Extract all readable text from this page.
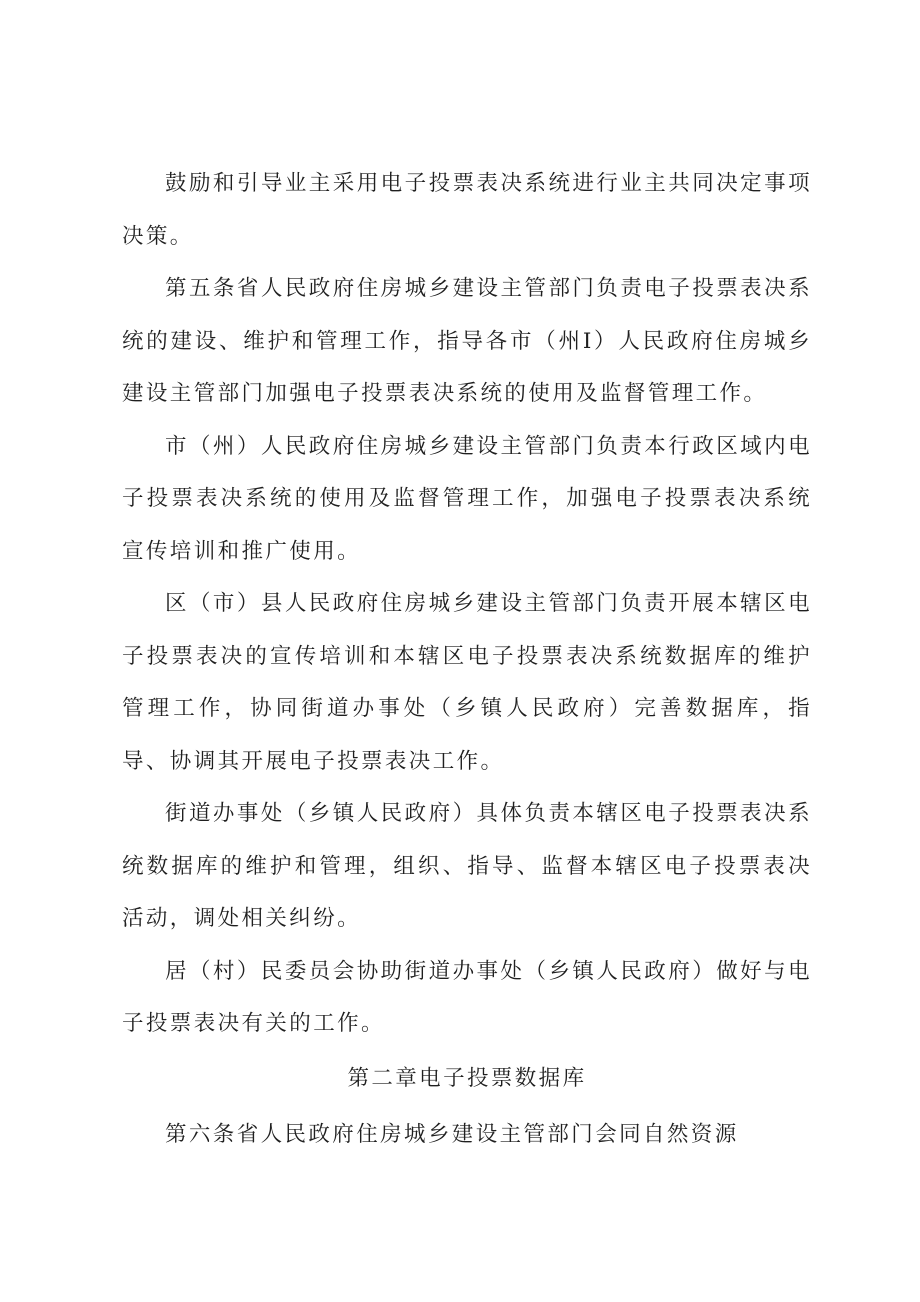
鼓励和引导业主采用电子投票表决系统进行业主共同决定事项决策。

第五条省人民政府住房城乡建设主管部门负责电子投票表决系统的建设、维护和管理工作，指导各市（州I）人民政府住房城乡建设主管部门加强电子投票表决系统的使用及监督管理工作。

市（州）人民政府住房城乡建设主管部门负责本行政区域内电子投票表决系统的使用及监督管理工作，加强电子投票表决系统宣传培训和推广使用。

区（市）县人民政府住房城乡建设主管部门负责开展本辖区电子投票表决的宣传培训和本辖区电子投票表决系统数据库的维护管理工作，协同街道办事处（乡镇人民政府）完善数据库，指导、协调其开展电子投票表决工作。

街道办事处（乡镇人民政府）具体负责本辖区电子投票表决系统数据库的维护和管理，组织、指导、监督本辖区电子投票表决活动，调处相关纠纷。

居（村）民委员会协助街道办事处（乡镇人民政府）做好与电子投票表决有关的工作。

第二章电子投票数据库

第六条省人民政府住房城乡建设主管部门会同自然资源
